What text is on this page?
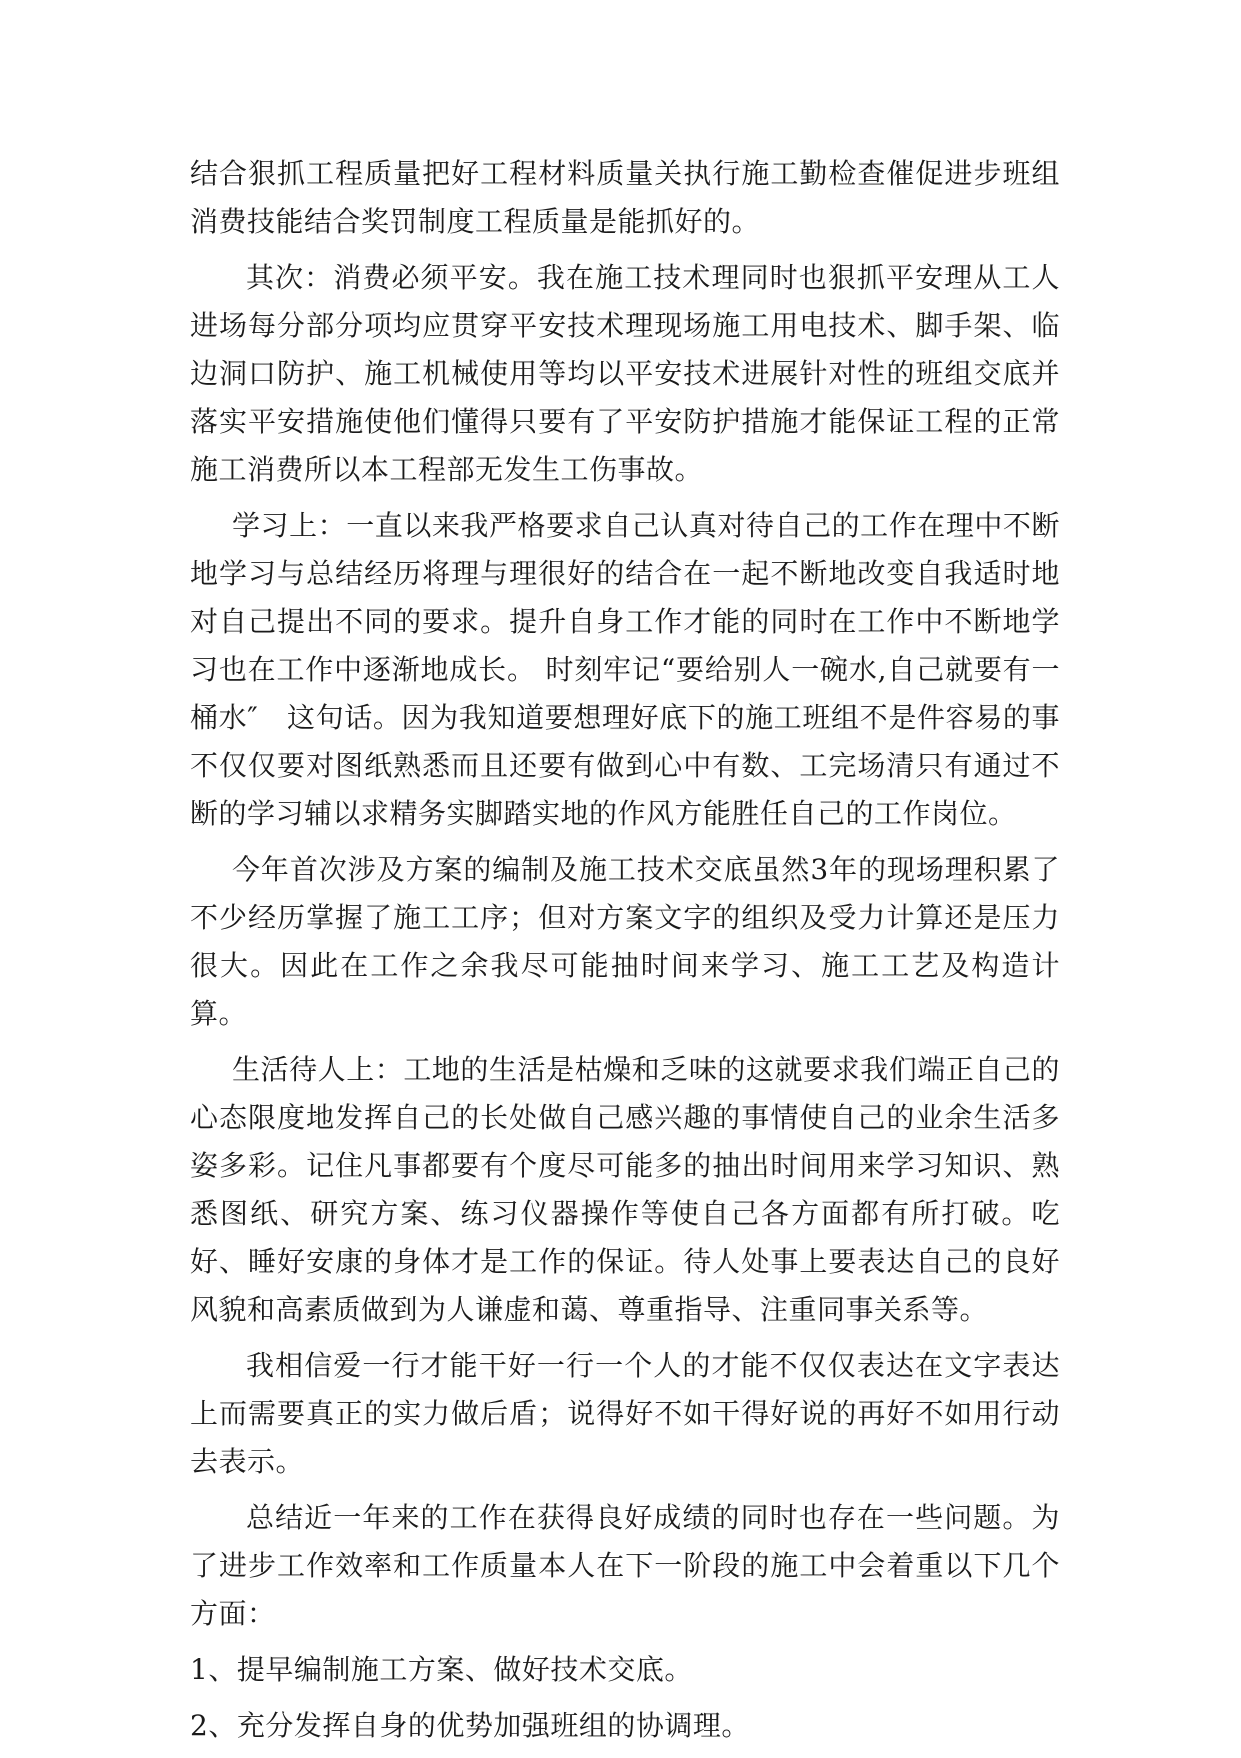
结合狠抓工程质量把好工程材料质量关执行施工勤检查催促进步班组消费技能结合奖罚制度工程质量是能抓好的。

其次：消费必须平安。我在施工技术理同时也狠抓平安理从工人进场每分部分项均应贯穿平安技术理现场施工用电技术、脚手架、临边洞口防护、施工机械使用等均以平安技术进展针对性的班组交底并落实平安措施使他们懂得只要有了平安防护措施才能保证工程的正常施工消费所以本工程部无发生工伤事故。

学习上：一直以来我严格要求自己认真对待自己的工作在理中不断地学习与总结经历将理与理很好的结合在一起不断地改变自我适时地对自己提出不同的要求。提升自身工作才能的同时在工作中不断地学习也在工作中逐渐地成长。 时刻牢记“要给别人一碗水,自己就要有一桶水″　这句话。因为我知道要想理好底下的施工班组不是件容易的事不仅仅要对图纸熟悉而且还要有做到心中有数、工完场清只有通过不断的学习辅以求精务实脚踏实地的作风方能胜任自己的工作岗位。

今年首次涉及方案的编制及施工技术交底虽然3年的现场理积累了不少经历掌握了施工工序；但对方案文字的组织及受力计算还是压力很大。因此在工作之余我尽可能抽时间来学习、施工工艺及构造计算。

生活待人上：工地的生活是枯燥和乏味的这就要求我们端正自己的心态限度地发挥自己的长处做自己感兴趣的事情使自己的业余生活多姿多彩。记住凡事都要有个度尽可能多的抽出时间用来学习知识、熟悉图纸、研究方案、练习仪器操作等使自己各方面都有所打破。吃好、睡好安康的身体才是工作的保证。待人处事上要表达自己的良好风貌和高素质做到为人谦虚和蔼、尊重指导、注重同事关系等。

我相信爱一行才能干好一行一个人的才能不仅仅表达在文字表达上而需要真正的实力做后盾；说得好不如干得好说的再好不如用行动去表示。

总结近一年来的工作在获得良好成绩的同时也存在一些问题。为了进步工作效率和工作质量本人在下一阶段的施工中会着重以下几个方面：

1、提早编制施工方案、做好技术交底。

2、充分发挥自身的优势加强班组的协调理。
